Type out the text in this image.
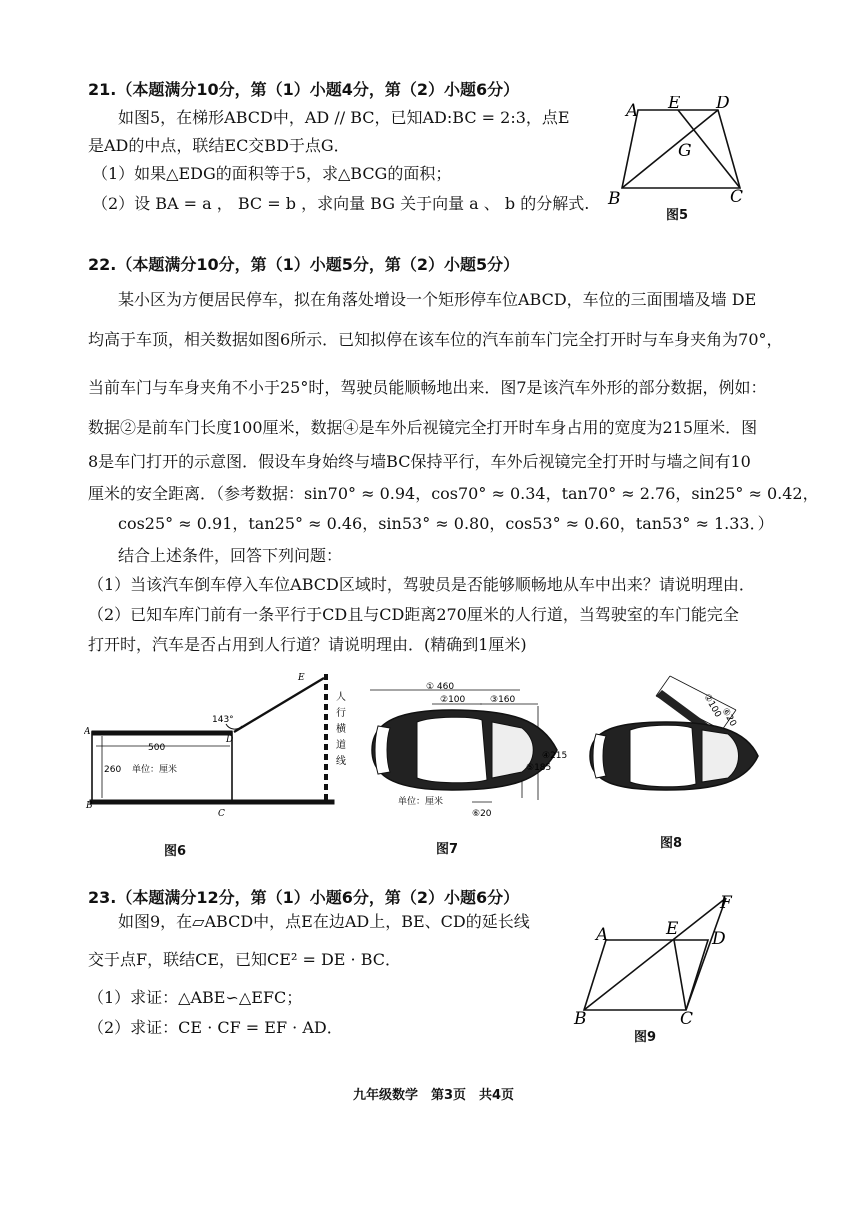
21.（本题满分10分，第（1）小题4分，第（2）小题6分）
如图5，在梯形ABCD中，AD // BC，已知AD:BC = 2:3，点E
是AD的中点，联结EC交BD于点G．
（1）如果△EDG的面积等于5，求△BCG的面积；
（2）设 BA = a ， BC = b ，求向量 BG 关于向量 a 、 b 的分解式.
A E D
G
B	C
图5
22.（本题满分10分，第（1）小题5分，第（2）小题5分）
某小区为方便居民停车，拟在角落处增设一个矩形停车位ABCD，车位的三面围墙及墙 DE
均高于车顶，相关数据如图6所示．已知拟停在该车位的汽车前车门完全打开时与车身夹角为70°，
当前车门与车身夹角不小于25°时，驾驶员能顺畅地出来．图7是该汽车外形的部分数据，例如：
数据②是前车门长度100厘米，数据④是车外后视镜完全打开时车身占用的宽度为215厘米．图
8是车门打开的示意图．假设车身始终与墙BC保持平行，车外后视镜完全打开时与墙之间有10
厘米的安全距离．（参考数据：sin70° ≈ 0.94，cos70° ≈ 0.34，tan70° ≈ 2.76，sin25° ≈ 0.42，
cos25° ≈ 0.91，tan25° ≈ 0.46，sin53° ≈ 0.80，cos53° ≈ 0.60，tan53° ≈ 1.33．）
结合上述条件，回答下列问题：
（1）当该汽车倒车停入车位ABCD区域时，驾驶员是否能够顺畅地从车中出来？请说明理由．
（2）已知车库门前有一条平行于CD且与CD距离270厘米的人行道，当驾驶室的车门能完全
打开时，汽车是否占用到人行道？请说明理由．(精确到1厘米)
A
B
C
D
E
143°
500
260 单位：厘米
人
行
横
道
线
图6
① 460
②100	③160
④215
⑤185
⑥20
单位：厘米
图7
②100
⑥20
图8
23.（本题满分12分，第（1）小题6分，第（2）小题6分）
如图9，在▱ABCD中，点E在边AD上，BE、CD的延长线
交于点F，联结CE，已知CE² = DE · BC．
（1）求证：△ABE∽△EFC；
（2）求证：CE · CF = EF · AD．
A	E D
F
B	C
图9
九年级数学　第3页　共4页
